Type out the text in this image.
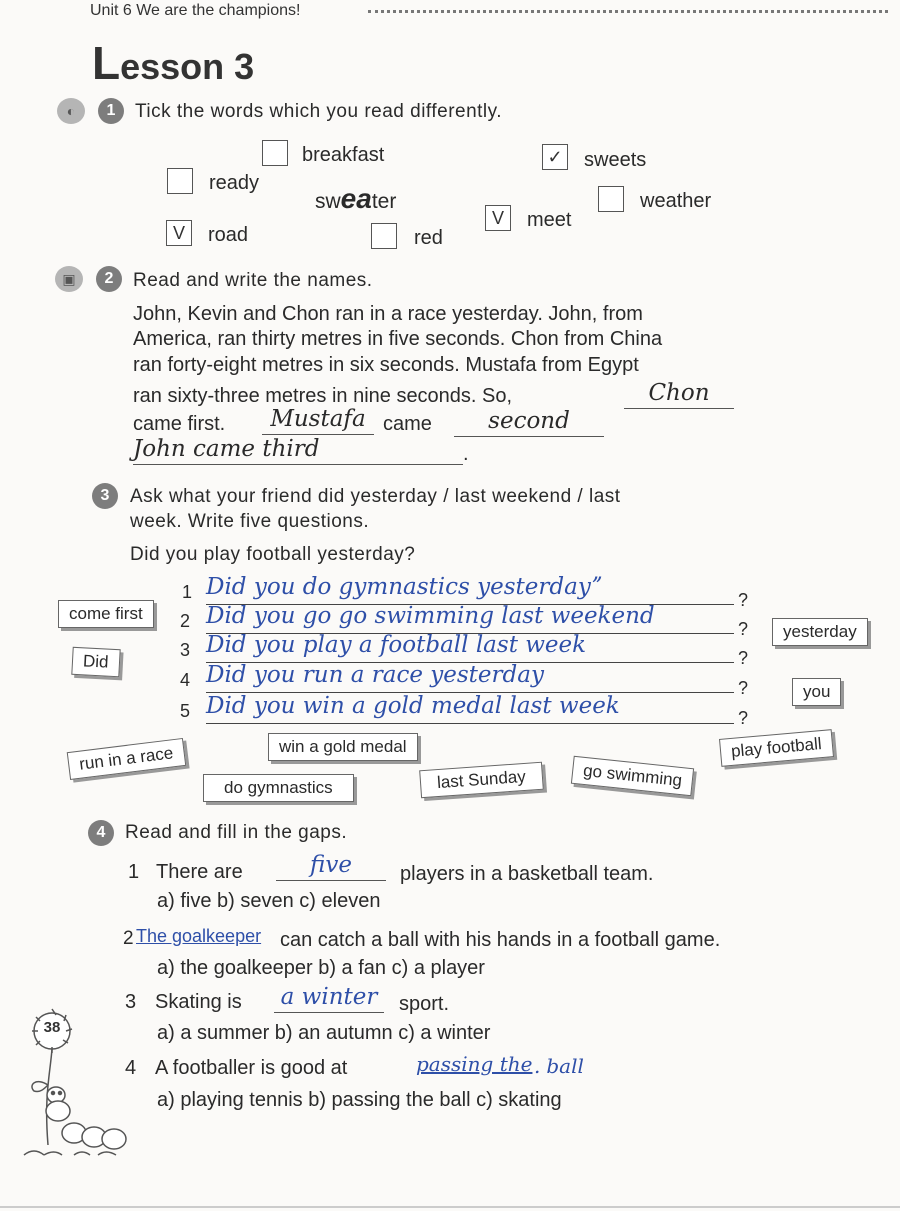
Unit 6 We are the champions!
Lesson 3
◐	1	Tick the words which you read differently.
breakfast	✓ sweets
ready
sweater	weather
V	road
V	meet
red
▣	2	Read and write the names.
John, Kevin and Chon ran in a race yesterday. John, from
America, ran thirty metres in five seconds. Chon from China
ran forty-eight metres in six seconds. Mustafa from Egypt
ran sixty-three metres in nine seconds. So,	Chon
came first.	Mustafa came	second
John came third	.
3	Ask what your friend did yesterday / last weekend / last
week. Write five questions.
Did you play football yesterday?
1 Did you do gymnastics yesterdayˮ	?
2 Did you go go swimming last weekend	?
3 Did you play a football last week	?
4 Did you run a race yesterday	?
5 Did you win a gold medal last week	?
come first
Did
yesterday
you
run in a race	win a gold medal	play football
do gymnastics	last Sunday	go swimming
4	Read and fill in the gaps.
1 There are	five	players in a basketball team.
a) five b) seven c) eleven
2 The goalkeeper can catch a ball with his hands in a football game.
a) the goalkeeper b) a fan c) a player
3 Skating is a winter	sport.
a) a summer b) an autumn c) a winter
4 A footballer is good at	passing the . ball
a) playing tennis b) passing the ball c) skating
38
